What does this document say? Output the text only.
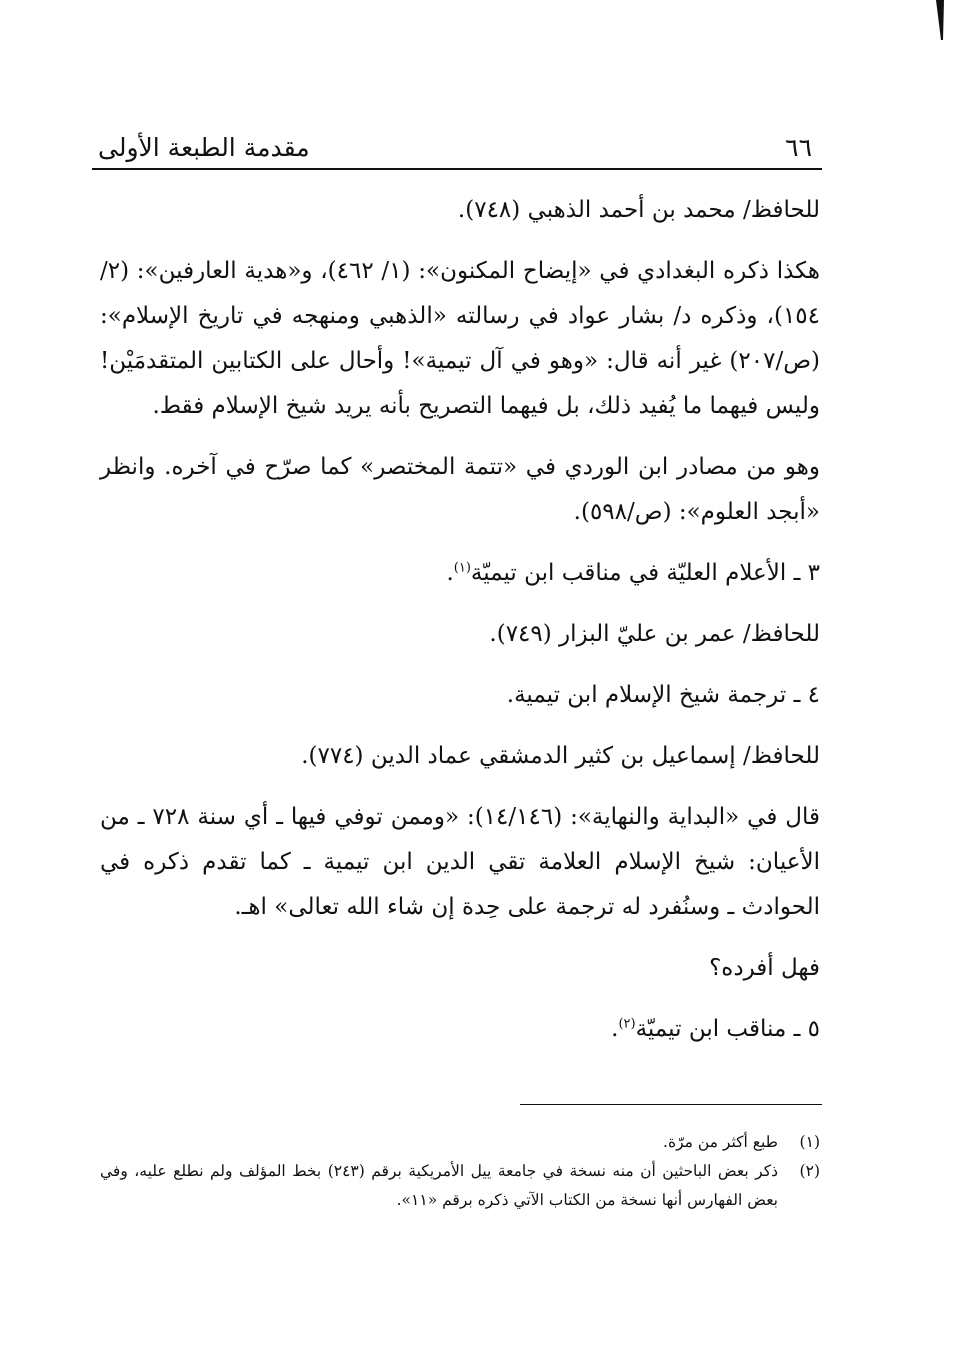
مقدمة الطبعة الأولى	٦٦

للحافظ/ محمد بن أحمد الذهبي (٧٤٨).

هكذا ذكره البغدادي في «إيضاح المكنون»: (١/ ٤٦٢)، و«هدية العارفين»: (٢/ ١٥٤)، وذكره د/ بشار عواد في رسالته «الذهبي ومنهجه في تاريخ الإسلام»: (ص/٢٠٧) غير أنه قال: «وهو في آل تيمية»! وأحال على الكتابين المتقدمَيْن! وليس فيهما ما يُفيد ذلك، بل فيهما التصريح بأنه يريد شيخ الإسلام فقط.

وهو من مصادر ابن الوردي في «تتمة المختصر» كما صرّح في آخره. وانظر «أبجد العلوم»: (ص/٥٩٨).

٣ ـ الأعلام العليّة في مناقب ابن تيميّة$^{(١)}$.

للحافظ/ عمر بن عليّ البزار (٧٤٩).

٤ ـ ترجمة شيخ الإسلام ابن تيمية.

للحافظ/ إسماعيل بن كثير الدمشقي عماد الدين (٧٧٤).

قال في «البداية والنهاية»: (١٤/١٤٦): «وممن توفي فيها ـ أي سنة ٧٢٨ ـ من الأعيان: شيخ الإسلام العلامة تقي الدين ابن تيمية ـ كما تقدم ذكره في الحوادث ـ وسنُفرد له ترجمة على حِدة إن شاء الله تعالى» اهـ.

فهل أفرده؟

٥ ـ مناقب ابن تيميّة$^{(٢)}$.

(١)
طبع أكثر من مرّة.
(٢)
ذكر بعض الباحثين أن منه نسخة في جامعة ييل الأمريكية برقم (٢٤٣) بخط المؤلف ولم نطلع عليه، وفي بعض الفهارس أنها نسخة من الكتاب الآتي ذكره برقم «١١».
